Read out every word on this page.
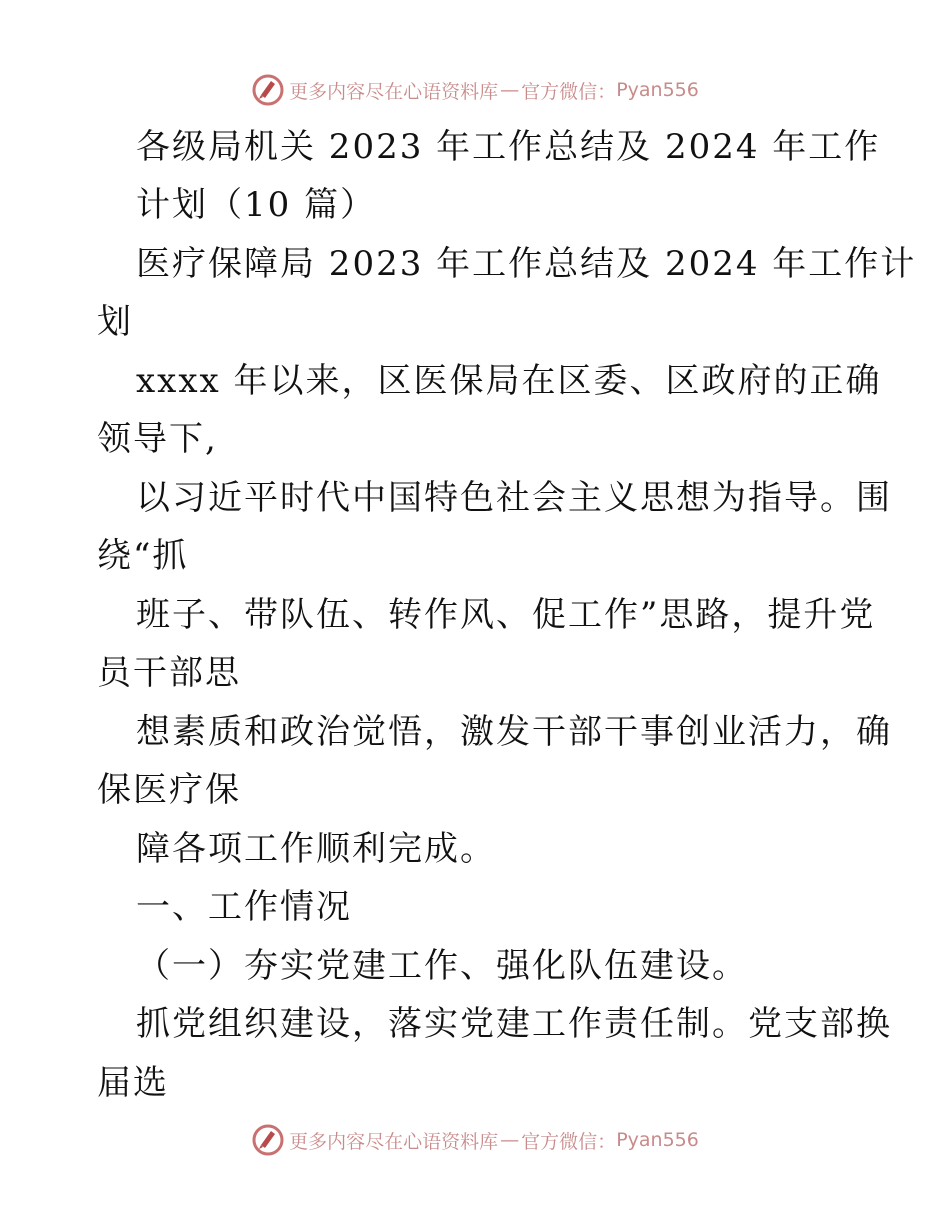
更多内容尽在心语资料库 — 官方微信： Pyan556
各级局机关 2023 年工作总结及 2024 年工作
计划（10 篇）
医疗保障局 2023 年工作总结及 2024 年工作计
划
xxxx 年以来，区医保局在区委、区政府的正确
领导下,
以习近平时代中国特色社会主义思想为指导。围
绕“抓
班子、带队伍、转作风、促工作”思路，提升党
员干部思
想素质和政治觉悟，激发干部干事创业活力，确
保医疗保
障各项工作顺利完成。
一、工作情况
（一）夯实党建工作、强化队伍建设。
抓党组织建设，落实党建工作责任制。党支部换
届选
更多内容尽在心语资料库 — 官方微信： Pyan556
